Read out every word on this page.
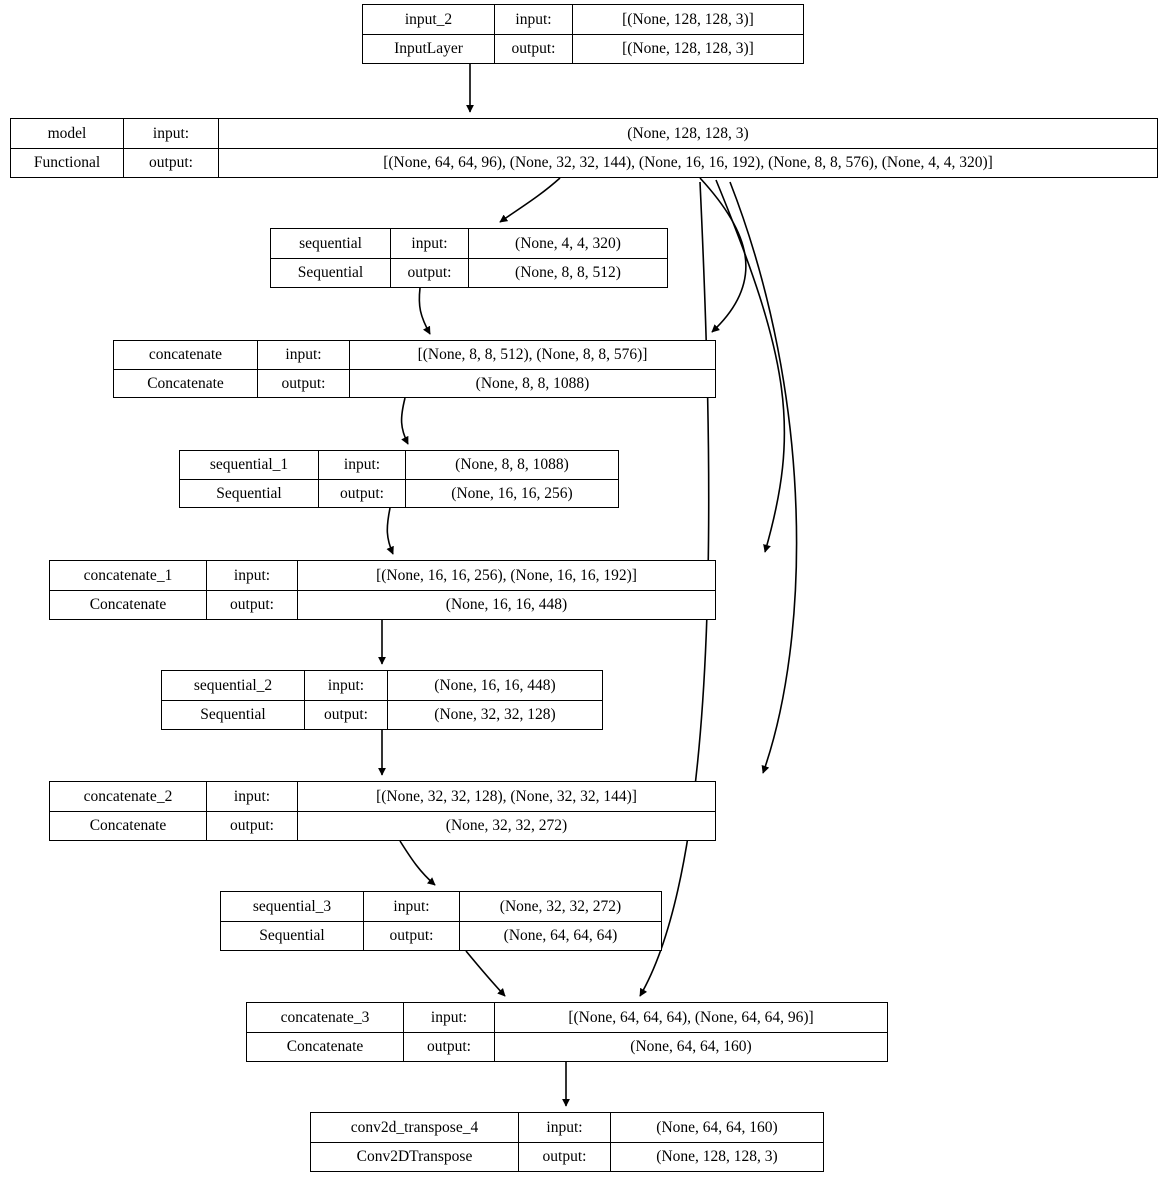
input_2	input:	[(None, 128, 128, 3)]
InputLayer	output:	[(None, 128, 128, 3)]
model	input:	(None, 128, 128, 3)
Functional	output:	[(None, 64, 64, 96), (None, 32, 32, 144), (None, 16, 16, 192), (None, 8, 8, 576), (None, 4, 4, 320)]
sequential	input:	(None, 4, 4, 320)
Sequential	output:	(None, 8, 8, 512)
concatenate	input:	[(None, 8, 8, 512), (None, 8, 8, 576)]
Concatenate	output:	(None, 8, 8, 1088)
sequential_1	input:	(None, 8, 8, 1088)
Sequential	output:	(None, 16, 16, 256)
concatenate_1	input:	[(None, 16, 16, 256), (None, 16, 16, 192)]
Concatenate	output:	(None, 16, 16, 448)
sequential_2	input:	(None, 16, 16, 448)
Sequential	output:	(None, 32, 32, 128)
concatenate_2	input:	[(None, 32, 32, 128), (None, 32, 32, 144)]
Concatenate	output:	(None, 32, 32, 272)
sequential_3	input:	(None, 32, 32, 272)
Sequential	output:	(None, 64, 64, 64)
concatenate_3	input:	[(None, 64, 64, 64), (None, 64, 64, 96)]
Concatenate	output:	(None, 64, 64, 160)
conv2d_transpose_4	input:	(None, 64, 64, 160)
Conv2DTranspose	output:	(None, 128, 128, 3)
